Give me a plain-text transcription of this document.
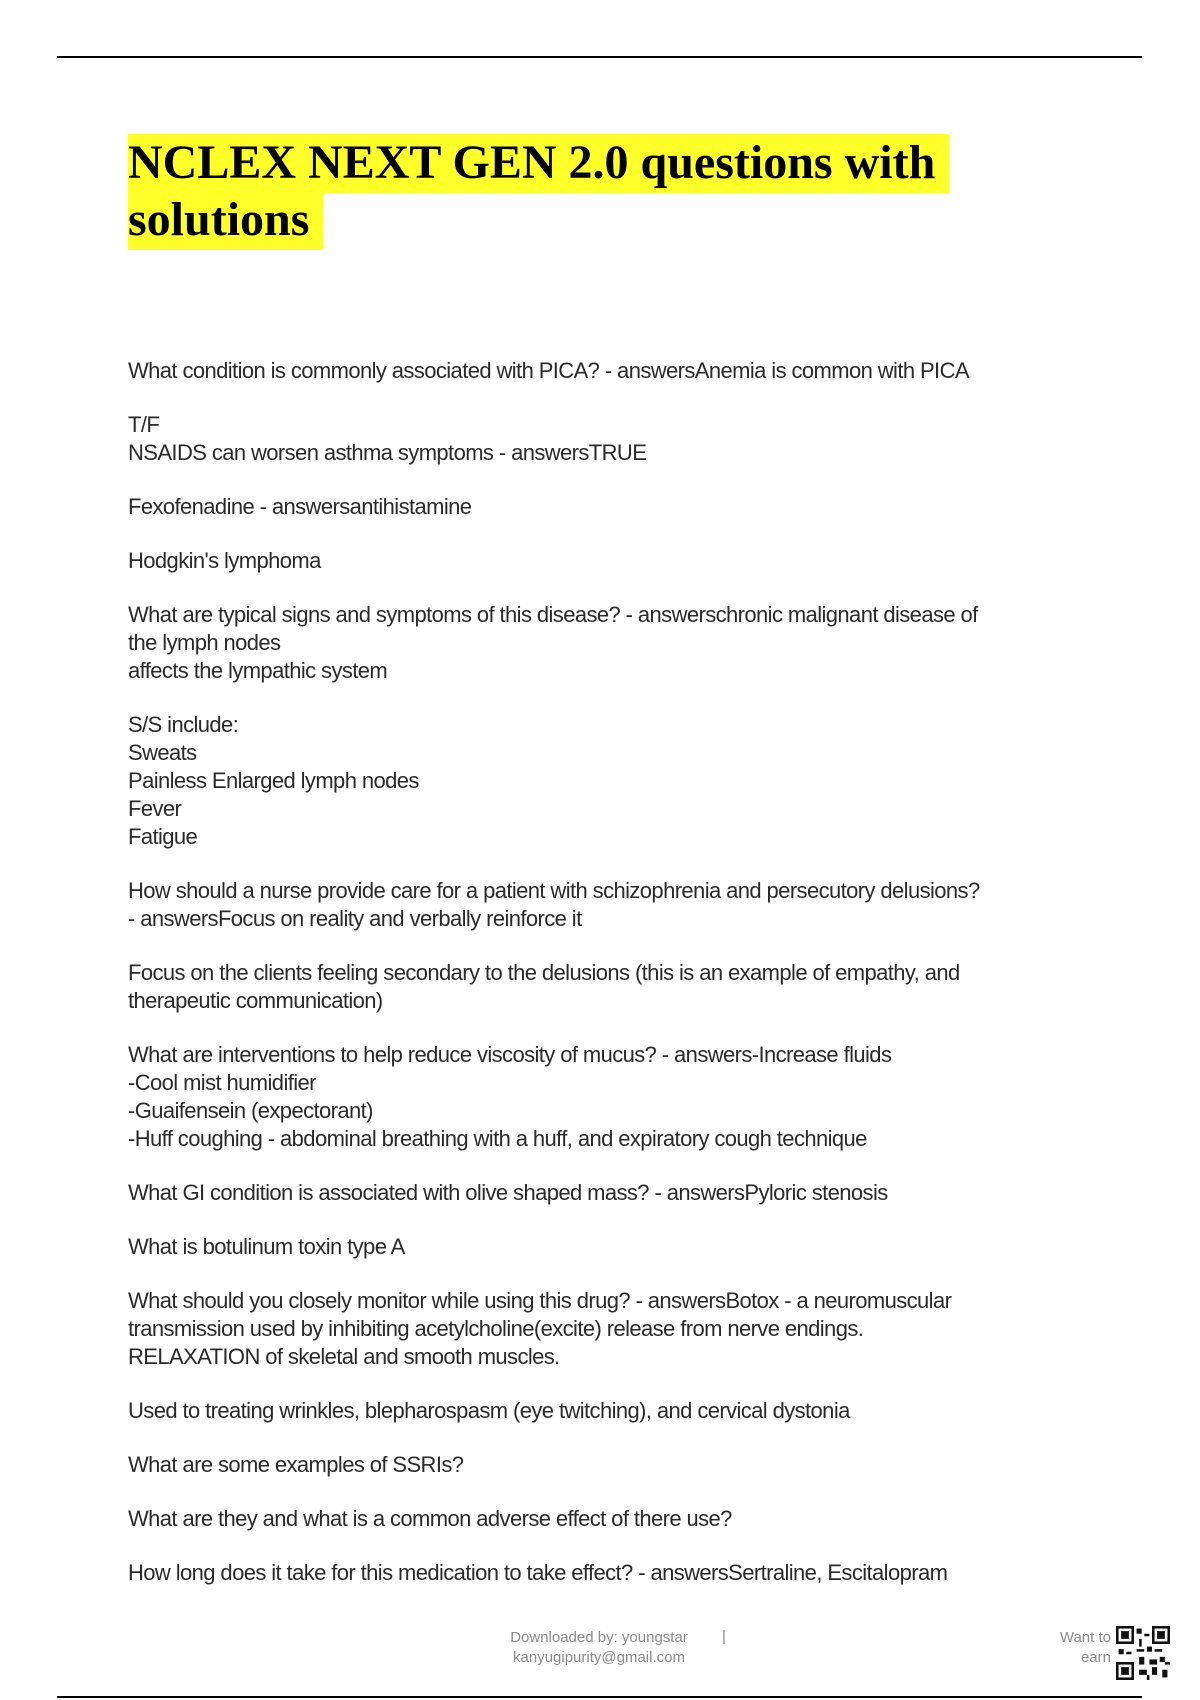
NCLEX NEXT GEN 2.0 questions with
solutions
What condition is commonly associated with PICA? - answersAnemia is common with PICA
T/F
NSAIDS can worsen asthma symptoms - answersTRUE
Fexofenadine - answersantihistamine
Hodgkin's lymphoma
What are typical signs and symptoms of this disease? - answerschronic malignant disease of
the lymph nodes
affects the lympathic system
S/S include:
Sweats
Painless Enlarged lymph nodes
Fever
Fatigue
How should a nurse provide care for a patient with schizophrenia and persecutory delusions?
- answersFocus on reality and verbally reinforce it
Focus on the clients feeling secondary to the delusions (this is an example of empathy, and
therapeutic communication)
What are interventions to help reduce viscosity of mucus? - answers-Increase fluids
-Cool mist humidifier
-Guaifensein (expectorant)
-Huff coughing - abdominal breathing with a huff, and expiratory cough technique
What GI condition is associated with olive shaped mass? - answersPyloric stenosis
What is botulinum toxin type A
What should you closely monitor while using this drug? - answersBotox - a neuromuscular
transmission used by inhibiting acetylcholine(excite) release from nerve endings.
RELAXATION of skeletal and smooth muscles.
Used to treating wrinkles, blepharospasm (eye twitching), and cervical dystonia
What are some examples of SSRIs?
What are they and what is a common adverse effect of there use?
How long does it take for this medication to take effect? - answersSertraline, Escitalopram
Downloaded by: youngstar
kanyugipurity@gmail.com
|	Want to
earn
